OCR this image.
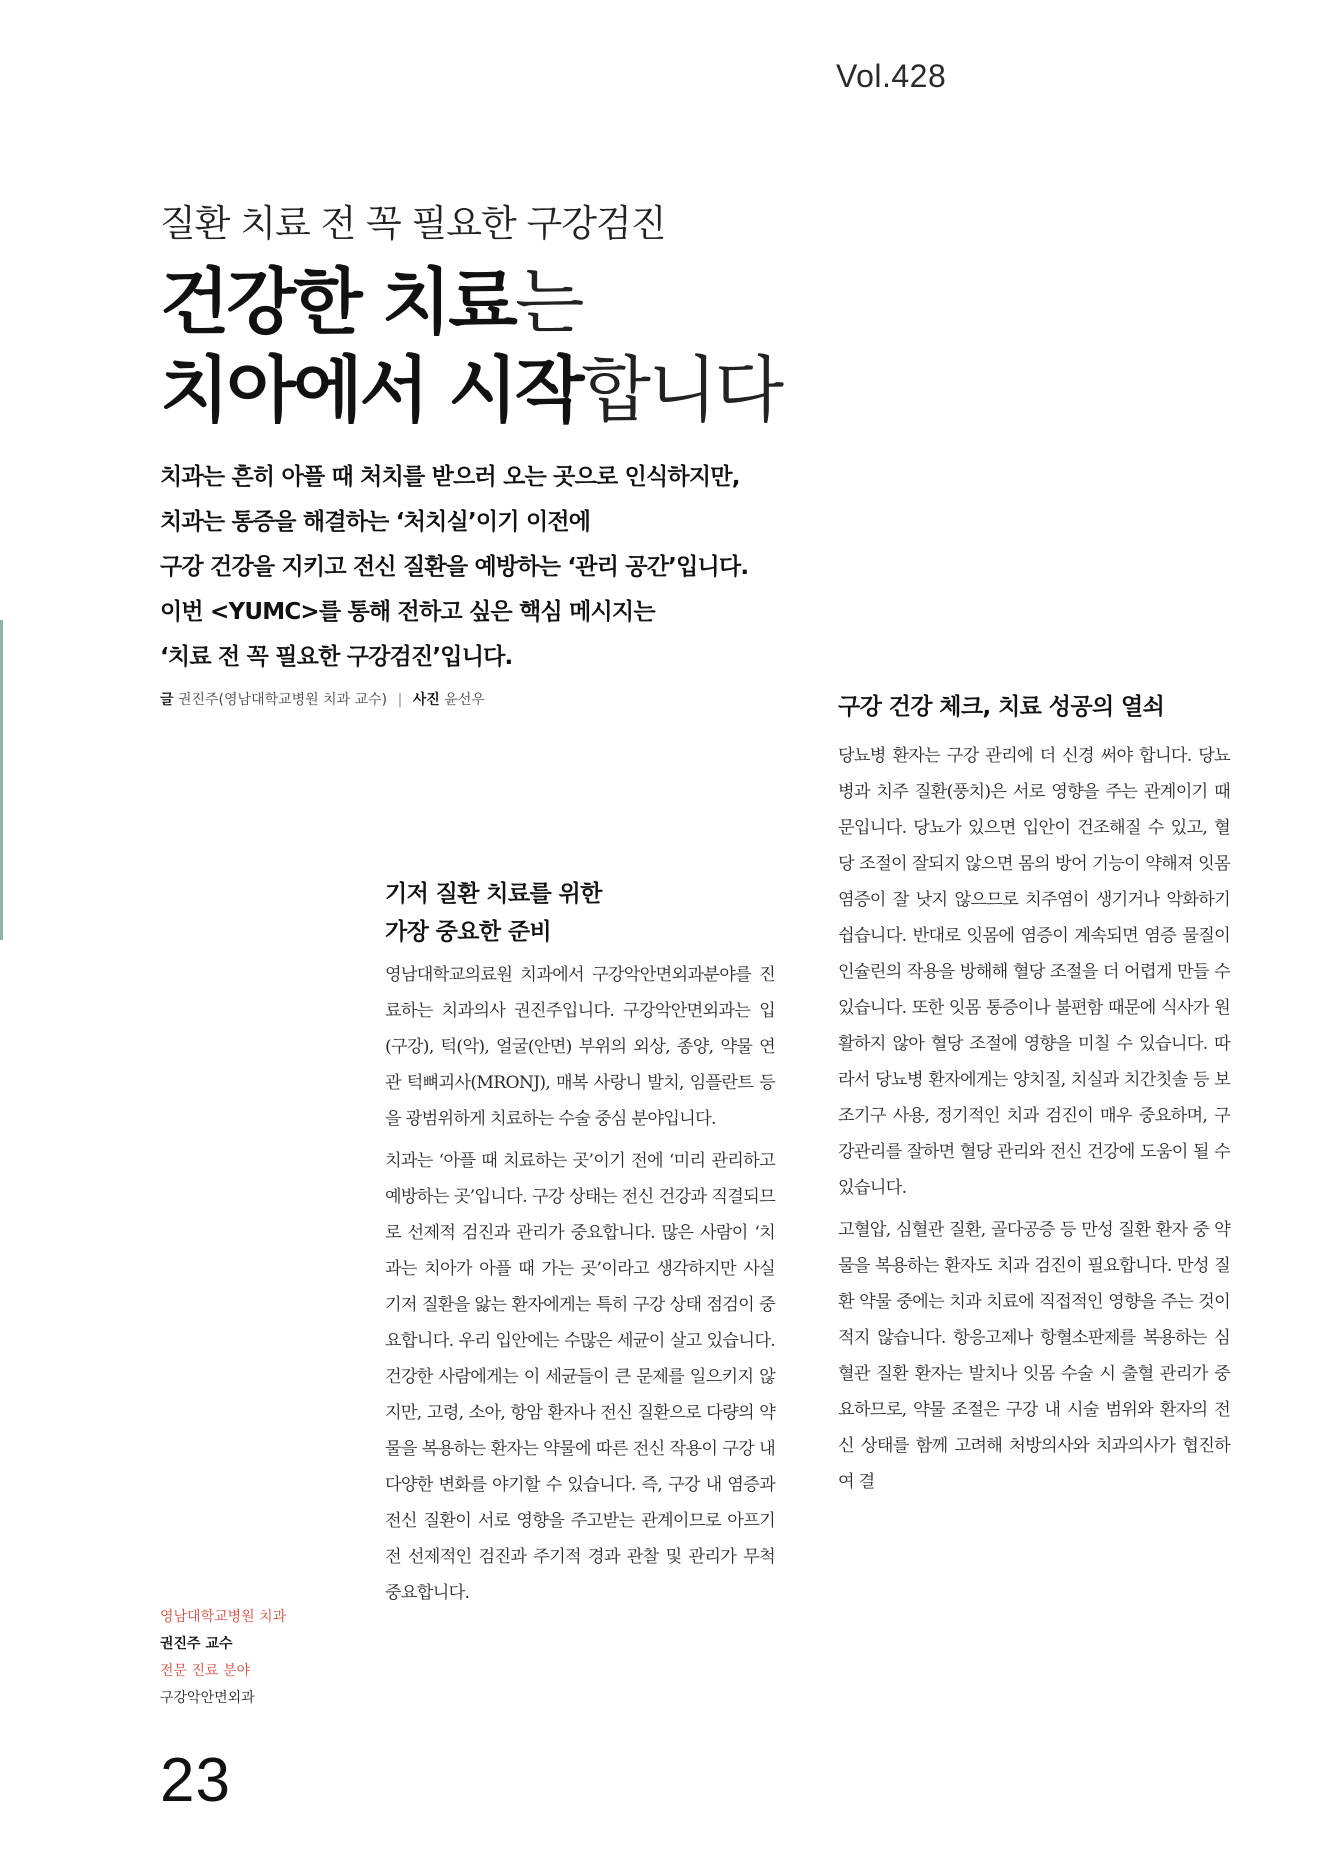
Vol.428
질환 치료 전 꼭 필요한 구강검진
건강한 치료는
치아에서 시작합니다
치과는 흔히 아플 때 처치를 받으러 오는 곳으로 인식하지만,
치과는 통증을 해결하는 ‘처치실’이기 이전에
구강 건강을 지키고 전신 질환을 예방하는 ‘관리 공간’입니다.
이번 <YUMC>를 통해 전하고 싶은 핵심 메시지는
‘치료 전 꼭 필요한 구강검진’입니다.
글 권진주(영남대학교병원 치과 교수) | 사진 윤선우
기저 질환 치료를 위한
가장 중요한 준비

영남대학교의료원 치과에서 구강악안면외과분야를 진료하는 치과의사 권진주입니다. 구강악안면외과는 입(구강), 턱(악), 얼굴(안면) 부위의 외상, 종양, 약물 연관 턱뼈괴사(MRONJ), 매복 사랑니 발치, 임플란트 등을 광범위하게 치료하는 수술 중심 분야입니다.

치과는 ‘아플 때 치료하는 곳’이기 전에 ‘미리 관리하고 예방하는 곳’입니다. 구강 상태는 전신 건강과 직결되므로 선제적 검진과 관리가 중요합니다. 많은 사람이 ‘치과는 치아가 아플 때 가는 곳’이라고 생각하지만 사실 기저 질환을 앓는 환자에게는 특히 구강 상태 점검이 중요합니다. 우리 입안에는 수많은 세균이 살고 있습니다. 건강한 사람에게는 이 세균들이 큰 문제를 일으키지 않지만, 고령, 소아, 항암 환자나 전신 질환으로 다량의 약물을 복용하는 환자는 약물에 따른 전신 작용이 구강 내 다양한 변화를 야기할 수 있습니다. 즉, 구강 내 염증과 전신 질환이 서로 영향을 주고받는 관계이므로 아프기 전 선제적인 검진과 주기적 경과 관찰 및 관리가 무척 중요합니다.

구강 건강 체크, 치료 성공의 열쇠

당뇨병 환자는 구강 관리에 더 신경 써야 합니다. 당뇨병과 치주 질환(풍치)은 서로 영향을 주는 관계이기 때문입니다. 당뇨가 있으면 입안이 건조해질 수 있고, 혈당 조절이 잘되지 않으면 몸의 방어 기능이 약해져 잇몸 염증이 잘 낫지 않으므로 치주염이 생기거나 악화하기 쉽습니다. 반대로 잇몸에 염증이 계속되면 염증 물질이 인슐린의 작용을 방해해 혈당 조절을 더 어렵게 만들 수 있습니다. 또한 잇몸 통증이나 불편함 때문에 식사가 원활하지 않아 혈당 조절에 영향을 미칠 수 있습니다. 따라서 당뇨병 환자에게는 양치질, 치실과 치간칫솔 등 보조기구 사용, 정기적인 치과 검진이 매우 중요하며, 구강관리를 잘하면 혈당 관리와 전신 건강에 도움이 될 수 있습니다.

고혈압, 심혈관 질환, 골다공증 등 만성 질환 환자 중 약물을 복용하는 환자도 치과 검진이 필요합니다. 만성 질환 약물 중에는 치과 치료에 직접적인 영향을 주는 것이 적지 않습니다. 항응고제나 항혈소판제를 복용하는 심혈관 질환 환자는 발치나 잇몸 수술 시 출혈 관리가 중요하므로, 약물 조절은 구강 내 시술 범위와 환자의 전신 상태를 함께 고려해 처방의사와 치과의사가 협진하여 결

영남대학교병원 치과
권진주 교수
전문 진료 분야
구강악안면외과
23
